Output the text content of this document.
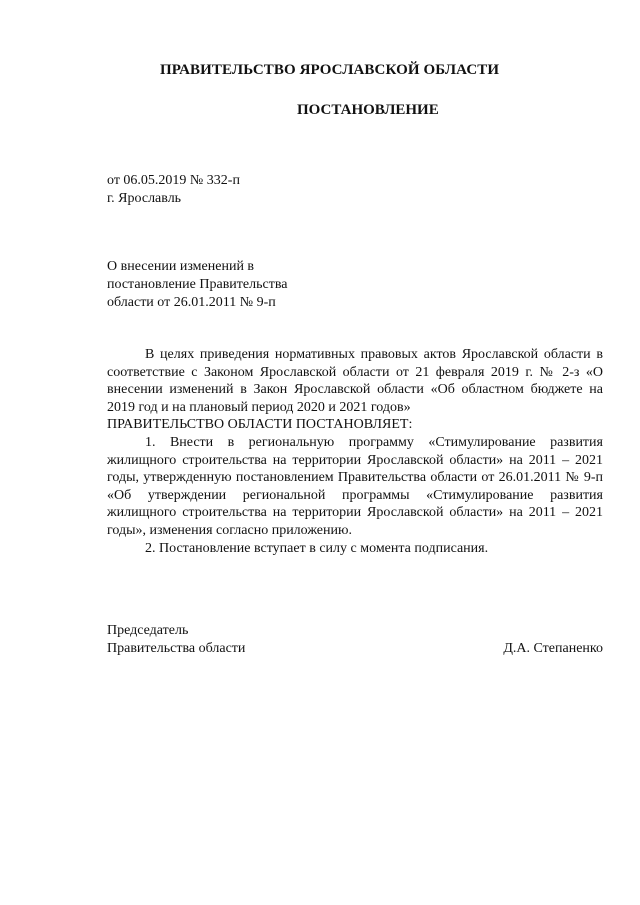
ПРАВИТЕЛЬСТВО ЯРОСЛАВСКОЙ ОБЛАСТИ
ПОСТАНОВЛЕНИЕ
от 06.05.2019 № 332-п
г. Ярославль
О внесении изменений в
постановление Правительства
области от 26.01.2011 № 9-п

В целях приведения нормативных правовых актов Ярославской области в соответствие с Законом Ярославской области от 21 февраля 2019 г. № 2-з «О внесении изменений в Закон Ярославской области «Об областном бюджете на 2019 год и на плановый период 2020 и 2021 годов»

ПРАВИТЕЛЬСТВО ОБЛАСТИ ПОСТАНОВЛЯЕТ:

1. Внести в региональную программу «Стимулирование развития жилищного строительства на территории Ярославской области» на 2011 – 2021 годы, утвержденную постановлением Правительства области от 26.01.2011 № 9-п «Об утверждении региональной программы «Стимулирование развития жилищного строительства на территории Ярославской области» на 2011 – 2021 годы», изменения согласно приложению.

2. Постановление вступает в силу с момента подписания.

Председатель
Правительства области	Д.А. Степаненко
